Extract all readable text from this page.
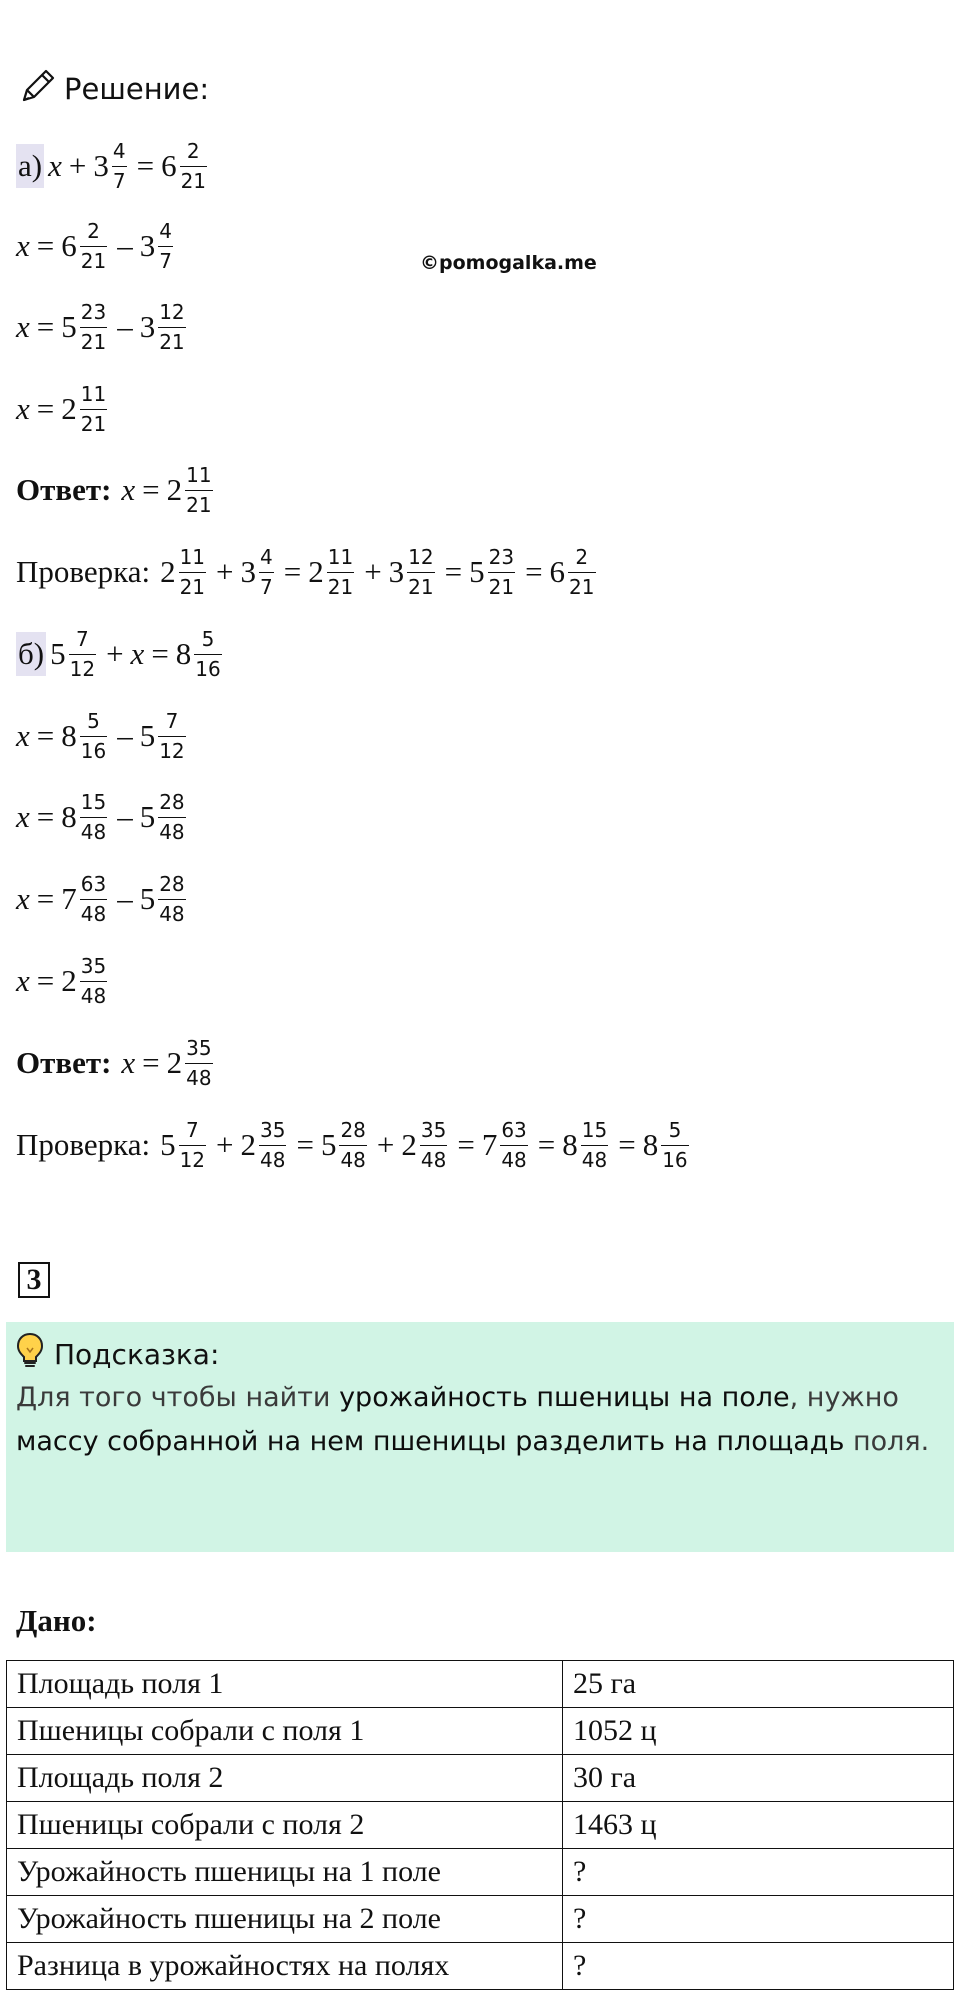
Решение:
©pomogalka.me
а) $x + 3 \frac{4}{7} = 6 \frac{2}{21}$
$x = 6 \frac{2}{21} - 3 \frac{4}{7}$
$x = 5 \frac{23}{21} - 3 \frac{12}{21}$
$x = 2 \frac{11}{21}$
Ответ: $x = 2 \frac{11}{21}$
Проверка: $2 \frac{11}{21} + 3 \frac{4}{7} = 2 \frac{11}{21} + 3 \frac{12}{21} = 5 \frac{23}{21} = 6 \frac{2}{21}$
б) $5 \frac{7}{12} + x = 8 \frac{5}{16}$
$x = 8 \frac{5}{16} - 5 \frac{7}{12}$
$x = 8 \frac{15}{48} - 5 \frac{28}{48}$
$x = 7 \frac{63}{48} - 5 \frac{28}{48}$
$x = 2 \frac{35}{48}$
Ответ: $x = 2 \frac{35}{48}$
Проверка: $5 \frac{7}{12} + 2 \frac{35}{48} = 5 \frac{28}{48} + 2 \frac{35}{48} = 7 \frac{63}{48} = 8 \frac{15}{48} = 8 \frac{5}{16}$
3
Подсказка:
Для того чтобы найти урожайность пшеницы на поле, нужно массу собранной на нем пшеницы разделить на площадь поля.
Дано:
Площадь поля 1	25 га
Пшеницы собрали с поля 1	1052 ц
Площадь поля 2	30 га
Пшеницы собрали с поля 2	1463 ц
Урожайность пшеницы на 1 поле	?
Урожайность пшеницы на 2 поле	?
Разница в урожайностях на полях	?
